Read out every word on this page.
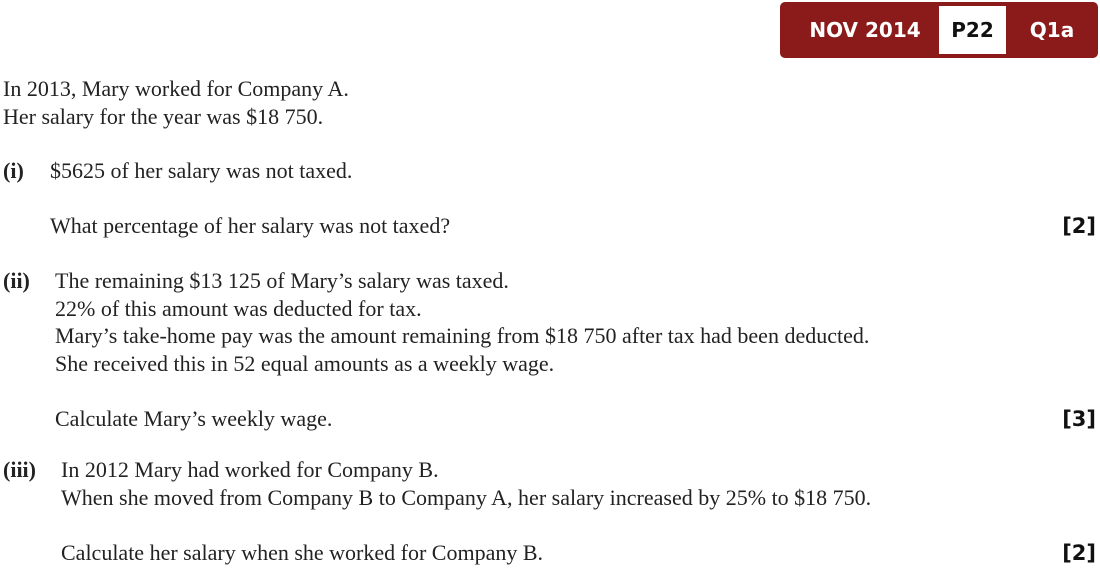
NOV 2014	P22	Q1a
In 2013, Mary worked for Company A.
Her salary for the year was $18 750.
(i) $5625 of her salary was not taxed.
What percentage of her salary was not taxed?	[2]
(ii) The remaining $13 125 of Mary’s salary was taxed.
22% of this amount was deducted for tax.
Mary’s take-home pay was the amount remaining from $18 750 after tax had been deducted.
She received this in 52 equal amounts as a weekly wage.
Calculate Mary’s weekly wage.	[3]
(iii) In 2012 Mary had worked for Company B.
When she moved from Company B to Company A, her salary increased by 25% to $18 750.
Calculate her salary when she worked for Company B.	[2]
